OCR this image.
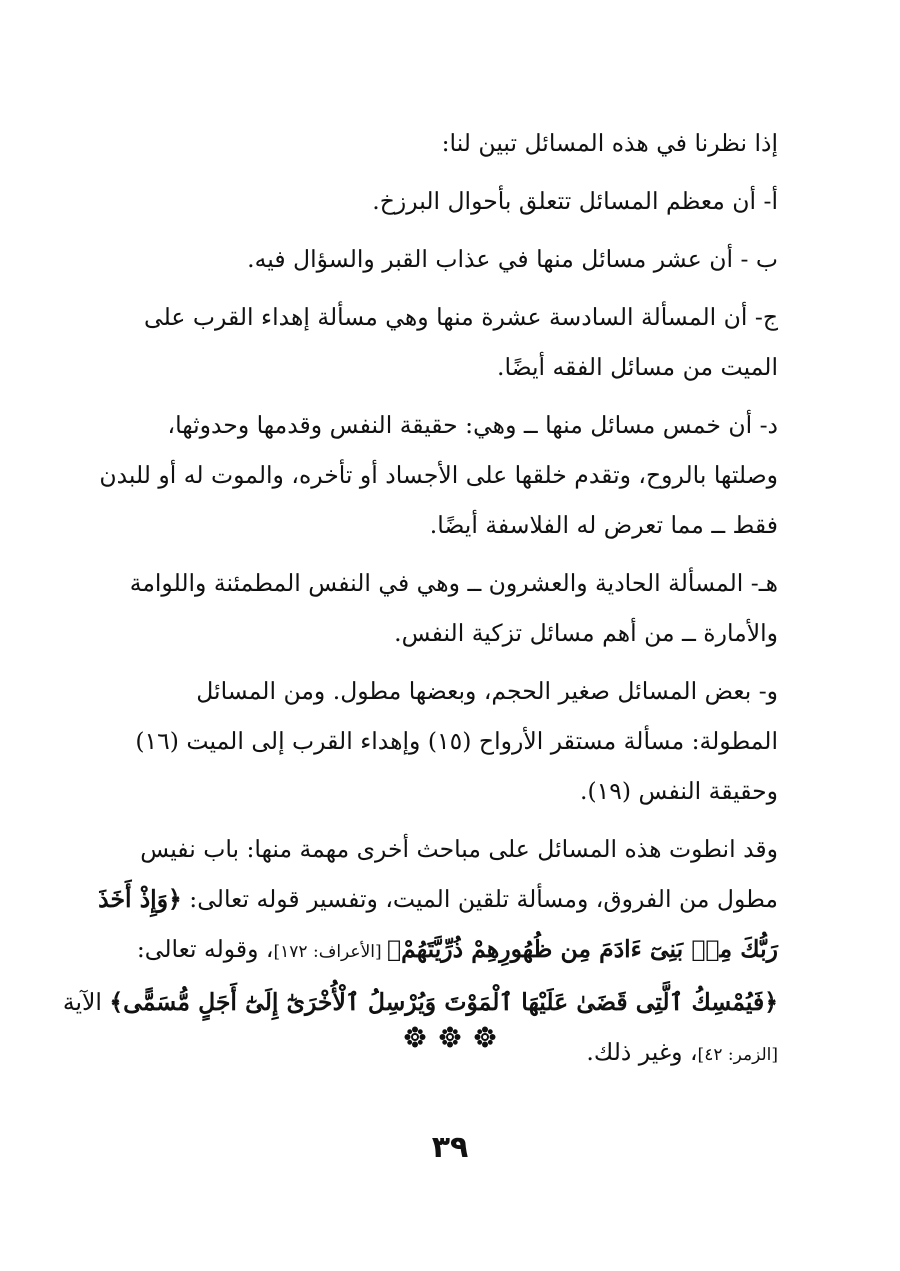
إذا نظرنا في هذه المسائل تبين لنا:

أ- أن معظم المسائل تتعلق بأحوال البرزخ.

ب - أن عشر مسائل منها في عذاب القبر والسؤال فيه.

ج- أن المسألة السادسة عشرة منها وهي مسألة إهداء القرب على
الميت من مسائل الفقه أيضًا.

د- أن خمس مسائل منها ــ وهي: حقيقة النفس وقدمها وحدوثها،
وصلتها بالروح، وتقدم خلقها على الأجساد أو تأخره، والموت له أو للبدن
فقط ــ مما تعرض له الفلاسفة أيضًا.

هـ- المسألة الحادية والعشرون ــ وهي في النفس المطمئنة واللوامة
والأمارة ــ من أهم مسائل تزكية النفس.

و- بعض المسائل صغير الحجم، وبعضها مطول. ومن المسائل
المطولة: مسألة مستقر الأرواح (١٥) وإهداء القرب إلى الميت (١٦)
وحقيقة النفس (١٩).

وقد انطوت هذه المسائل على مباحث أخرى مهمة منها: باب نفيس
مطول من الفروق، ومسألة تلقين الميت، وتفسير قوله تعالى: ﴿وَإِذْ أَخَذَ
رَبُّكَ مِنۢ بَنِىٓ ءَادَمَ مِن ظُهُورِهِمْ ذُرِّيَّتَهُمْ﴾ [الأعراف: ١٧٢]، وقوله تعالى:
﴿فَيُمْسِكُ ٱلَّتِى قَضَىٰ عَلَيْهَا ٱلْمَوْتَ وَيُرْسِلُ ٱلْأُخْرَىٰٓ إِلَىٰٓ أَجَلٍ مُّسَمًّى﴾ الآية
[الزمر: ٤٢]، وغير ذلك.

٣٩
